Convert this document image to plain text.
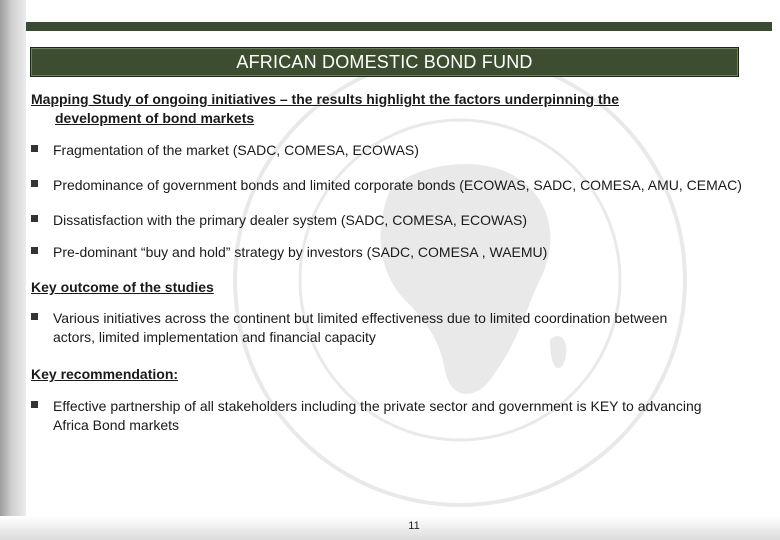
AFRICAN DOMESTIC BOND FUND

Mapping Study of ongoing initiatives – the results highlight the factors underpinning the
development of bond markets

Fragmentation of the market (SADC, COMESA, ECOWAS)
Predominance of government bonds and limited corporate bonds (ECOWAS, SADC, COMESA, AMU, CEMAC)
Dissatisfaction with the primary dealer system (SADC, COMESA, ECOWAS)
Pre-dominant “buy and hold” strategy by investors (SADC, COMESA , WAEMU)

Key outcome of the studies

Various initiatives across the continent but limited effectiveness due to limited coordination between actors, limited implementation and financial capacity

Key recommendation:

Effective partnership of all stakeholders including the private sector and government is KEY to advancing Africa Bond markets
11
